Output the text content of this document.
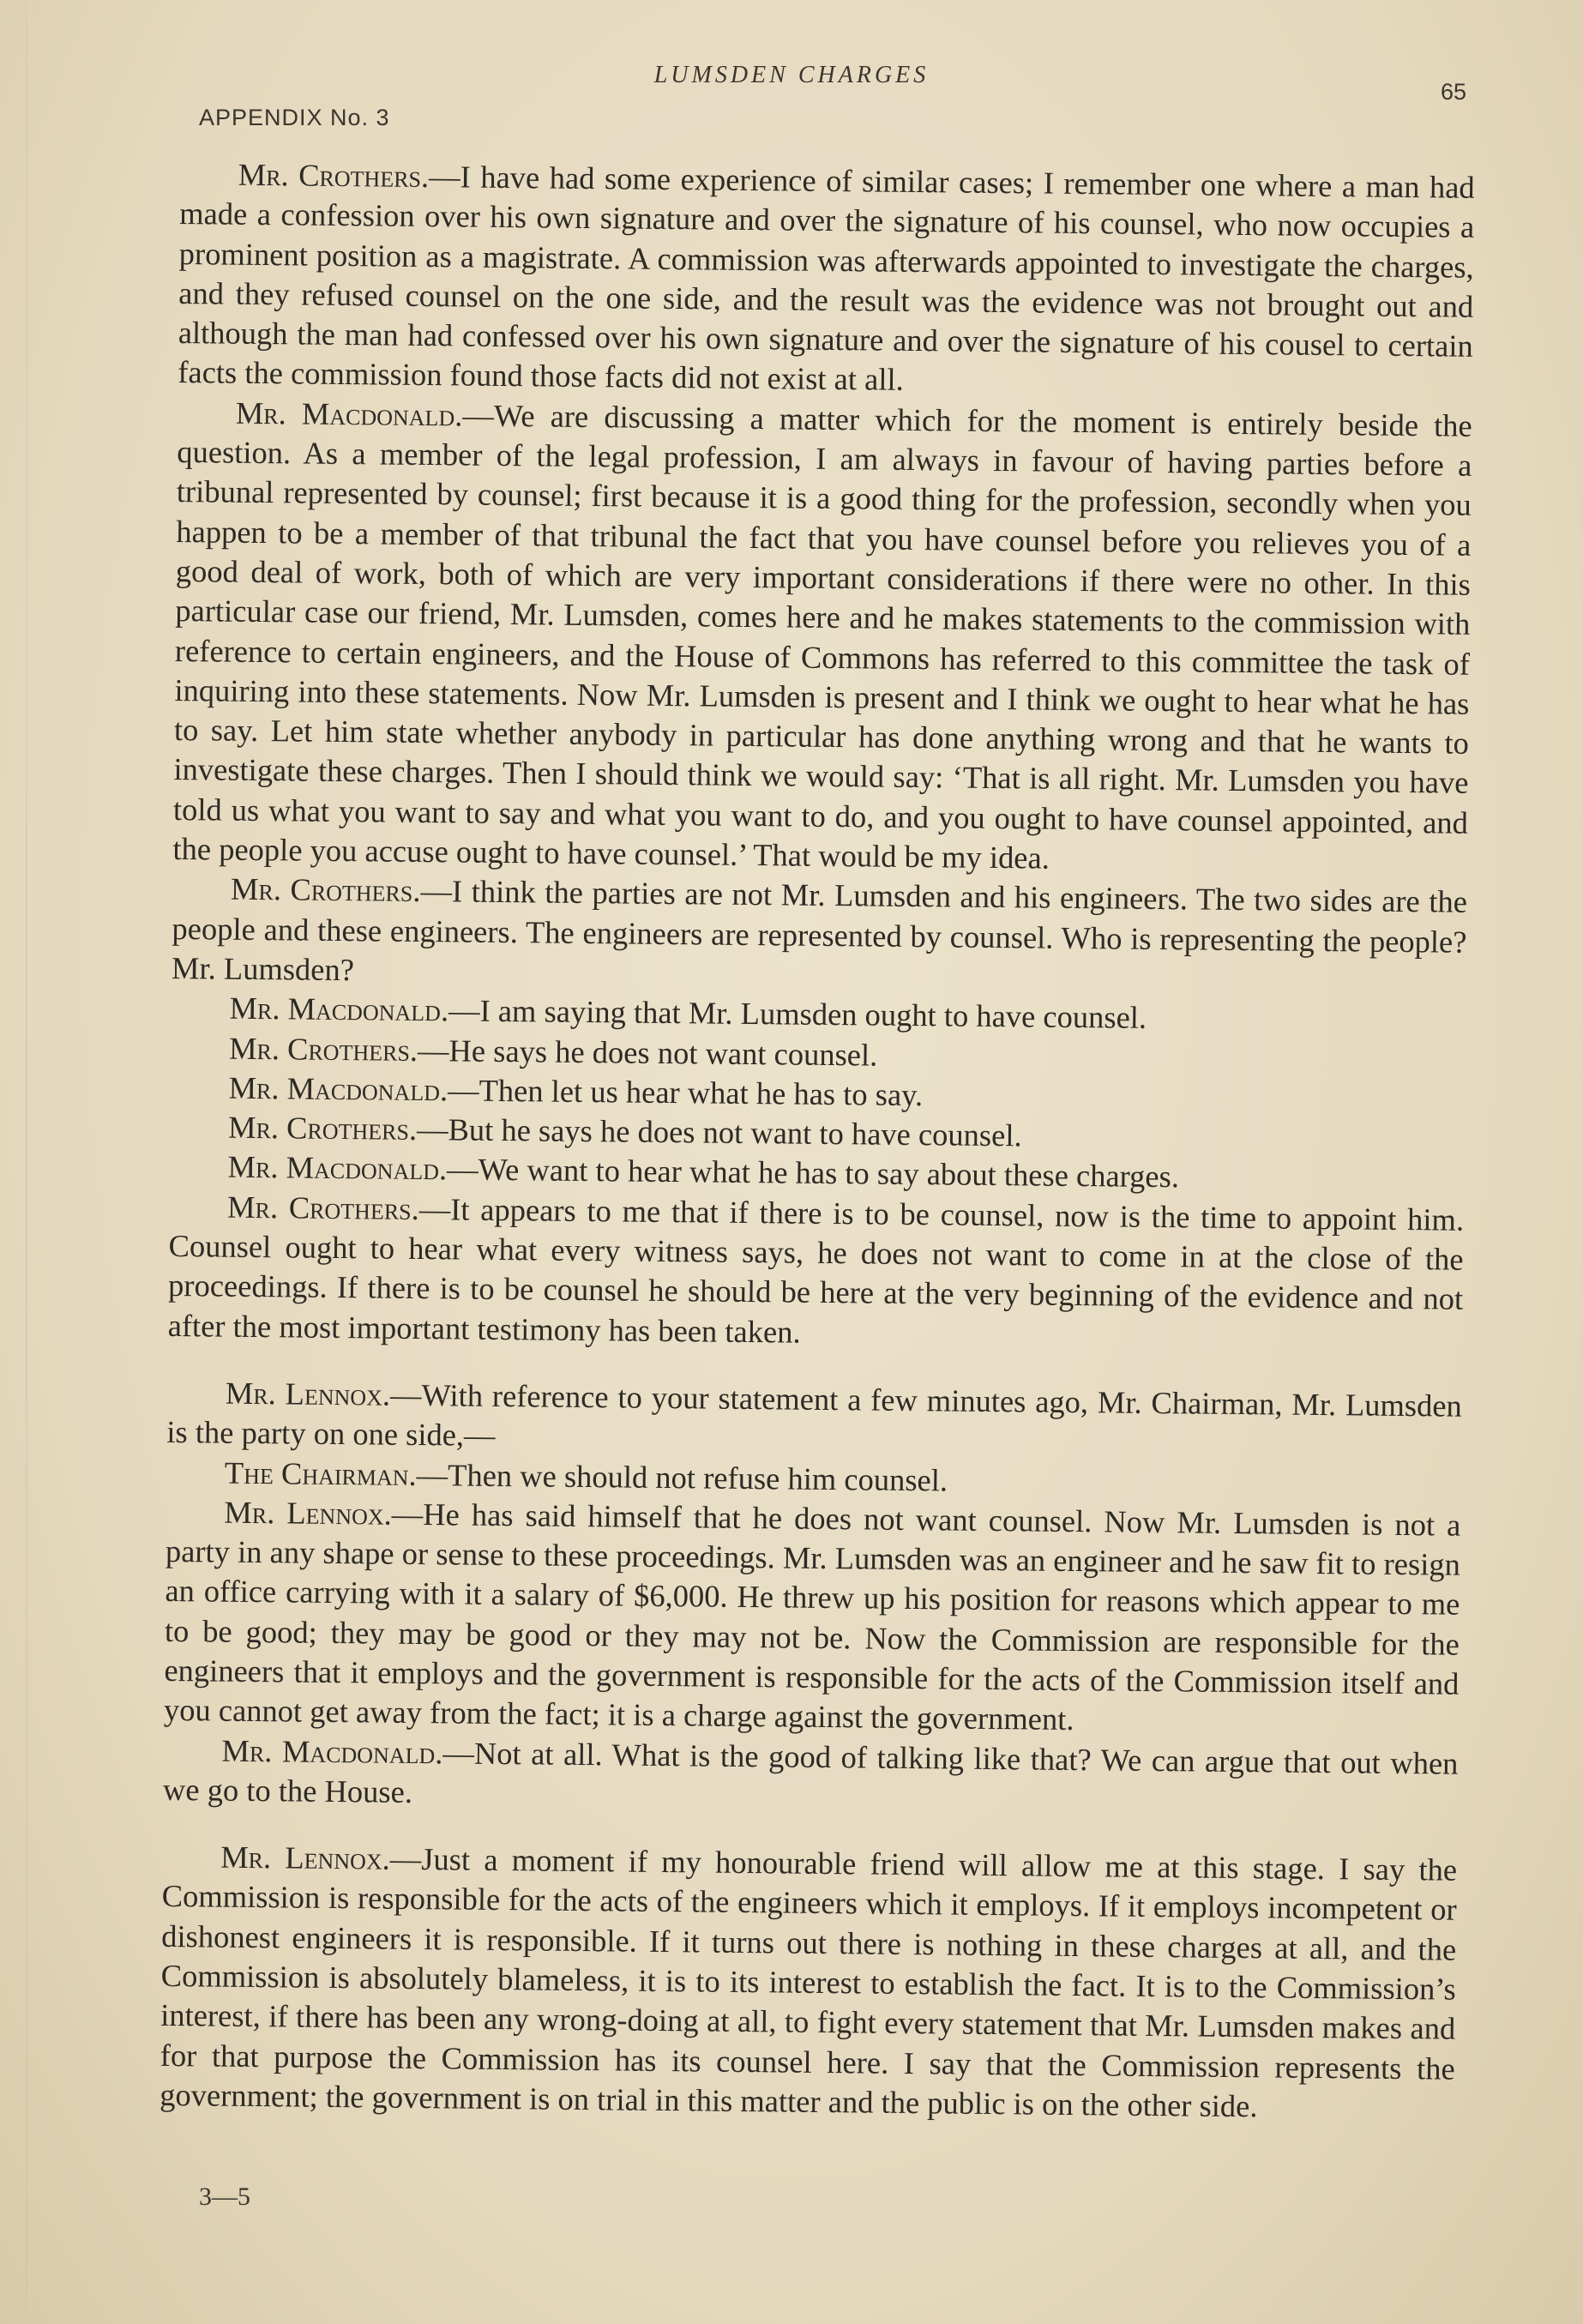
LUMSDEN CHARGES
65
APPENDIX No. 3

Mr. Crothers.—I have had some experience of similar cases; I remember one where a man had made a confession over his own signature and over the signature of his counsel, who now occupies a prominent position as a magistrate. A commission was afterwards appointed to investigate the charges, and they refused counsel on the one side, and the result was the evidence was not brought out and although the man had confessed over his own signature and over the signature of his cousel to certain facts the commission found those facts did not exist at all.

Mr. Macdonald.—We are discussing a matter which for the moment is entirely beside the question. As a member of the legal profession, I am always in favour of having parties before a tribunal represented by counsel; first because it is a good thing for the profession, secondly when you happen to be a member of that tribunal the fact that you have counsel before you relieves you of a good deal of work, both of which are very important considerations if there were no other. In this particular case our friend, Mr. Lumsden, comes here and he makes statements to the commission with reference to certain engineers, and the House of Commons has referred to this committee the task of inquiring into these statements. Now Mr. Lumsden is present and I think we ought to hear what he has to say. Let him state whether anybody in particular has done anything wrong and that he wants to investigate these charges. Then I should think we would say: ‘That is all right. Mr. Lumsden you have told us what you want to say and what you want to do, and you ought to have counsel appointed, and the people you accuse ought to have counsel.’ That would be my idea.

Mr. Crothers.—I think the parties are not Mr. Lumsden and his engineers. The two sides are the people and these engineers. The engineers are represented by counsel. Who is representing the people? Mr. Lumsden?

Mr. Macdonald.—I am saying that Mr. Lumsden ought to have counsel.

Mr. Crothers.—He says he does not want counsel.

Mr. Macdonald.—Then let us hear what he has to say.

Mr. Crothers.—But he says he does not want to have counsel.

Mr. Macdonald.—We want to hear what he has to say about these charges.

Mr. Crothers.—It appears to me that if there is to be counsel, now is the time to appoint him. Counsel ought to hear what every witness says, he does not want to come in at the close of the proceedings. If there is to be counsel he should be here at the very beginning of the evidence and not after the most important testimony has been taken.

Mr. Lennox.—With reference to your statement a few minutes ago, Mr. Chairman, Mr. Lumsden is the party on one side,—

The Chairman.—Then we should not refuse him counsel.

Mr. Lennox.—He has said himself that he does not want counsel. Now Mr. Lumsden is not a party in any shape or sense to these proceedings. Mr. Lumsden was an engineer and he saw fit to resign an office carrying with it a salary of $6,000. He threw up his position for reasons which appear to me to be good; they may be good or they may not be. Now the Commission are responsible for the engineers that it employs and the government is responsible for the acts of the Commission itself and you cannot get away from the fact; it is a charge against the government.

Mr. Macdonald.—Not at all. What is the good of talking like that? We can argue that out when we go to the House.

Mr. Lennox.—Just a moment if my honourable friend will allow me at this stage. I say the Commission is responsible for the acts of the engineers which it employs. If it employs incompetent or dishonest engineers it is responsible. If it turns out there is nothing in these charges at all, and the Commission is absolutely blameless, it is to its interest to establish the fact. It is to the Commission’s interest, if there has been any wrong-doing at all, to fight every statement that Mr. Lumsden makes and for that purpose the Commission has its counsel here. I say that the Commission represents the government; the government is on trial in this matter and the public is on the other side.

3—5
